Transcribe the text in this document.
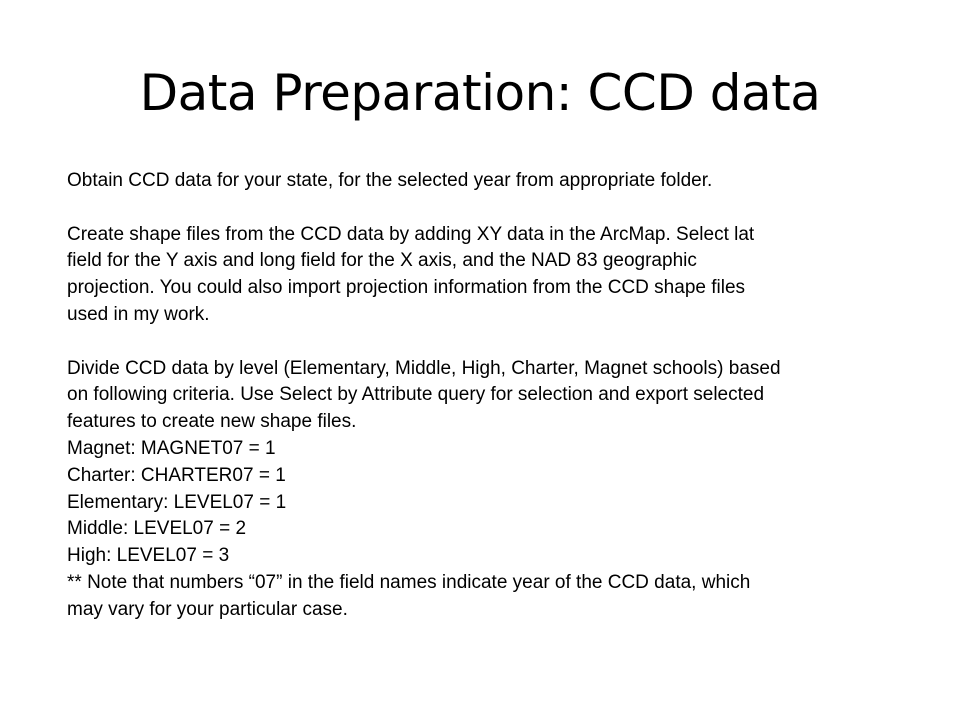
Data Preparation: CCD data
Obtain CCD data for your state, for the selected year from appropriate folder.
Create shape files from the CCD data by adding XY data in the ArcMap. Select lat
field for the Y axis and long field for the X axis, and the NAD 83 geographic
projection. You could also import projection information from the CCD shape files
used in my work.
Divide CCD data by level (Elementary, Middle, High, Charter, Magnet schools) based
on following criteria. Use Select by Attribute query for selection and export selected
features to create new shape files.
Magnet: MAGNET07 = 1
Charter: CHARTER07 = 1
Elementary: LEVEL07 = 1
Middle: LEVEL07 = 2
High: LEVEL07 = 3
** Note that numbers “07” in the field names indicate year of the CCD data, which
may vary for your particular case.
